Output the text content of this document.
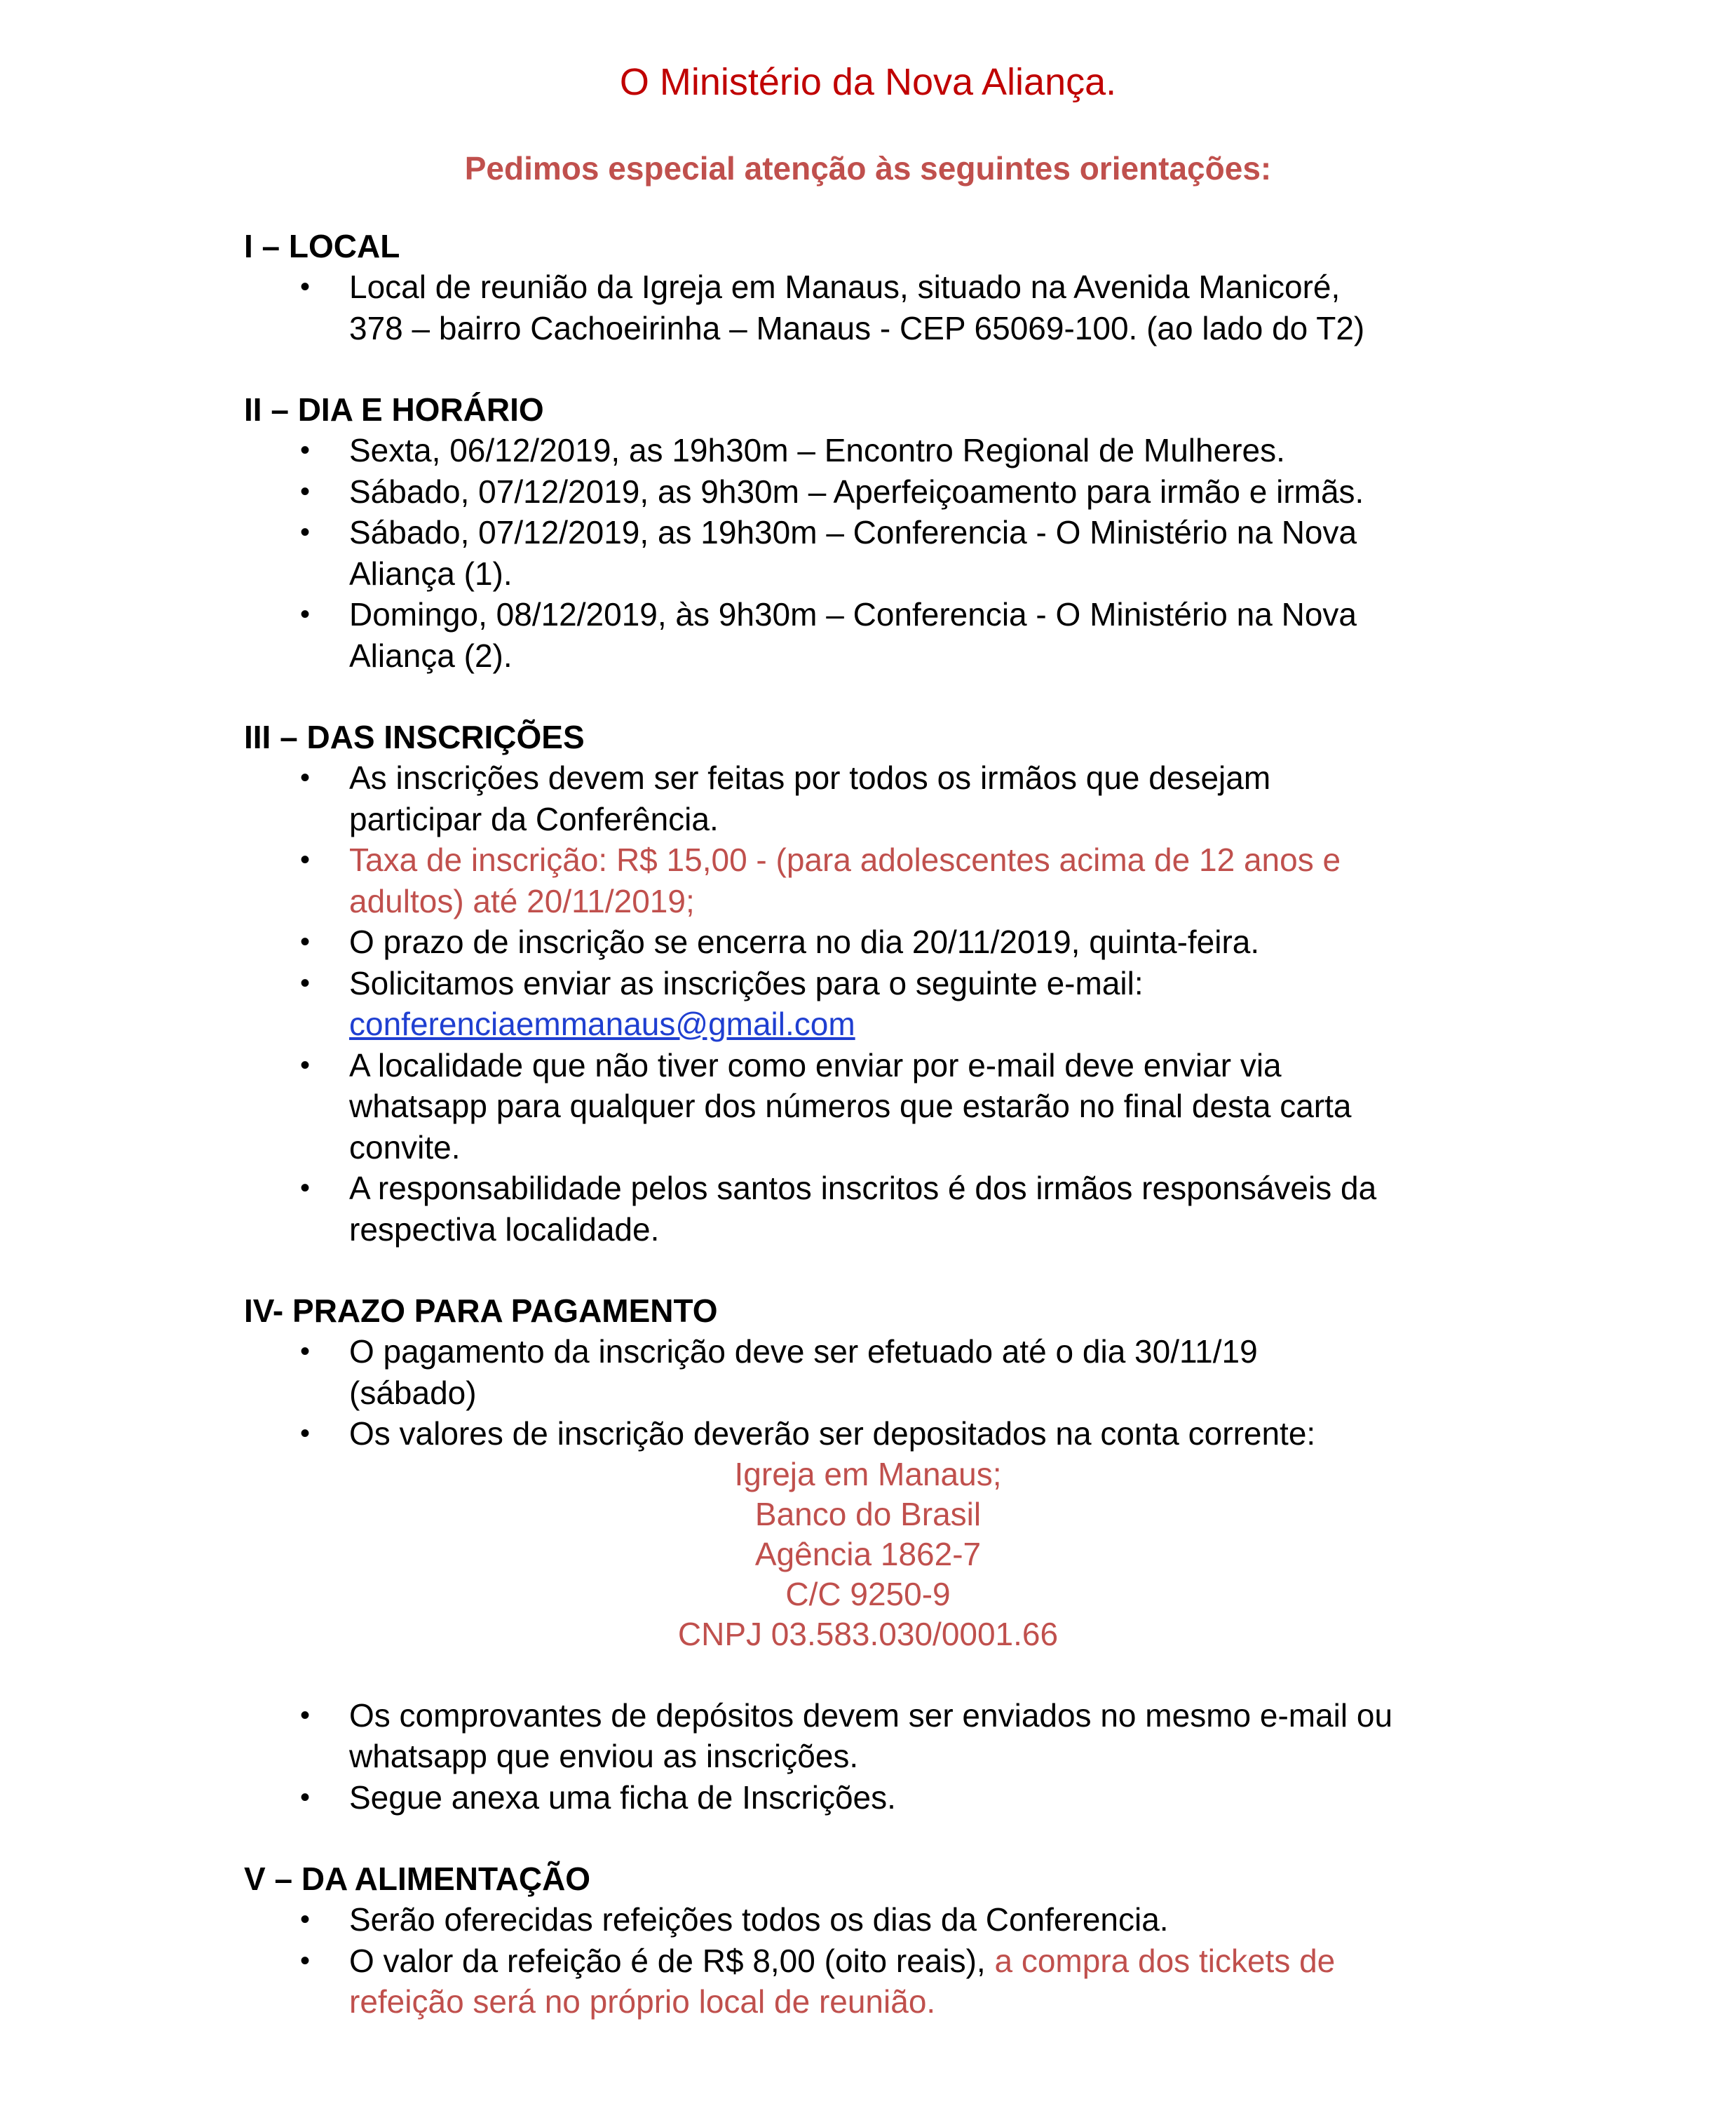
O Ministério da Nova Aliança.
Pedimos especial atenção às seguintes orientações:
I – LOCAL
• Local de reunião da Igreja em Manaus, situado na Avenida Manicoré,
378 – bairro Cachoeirinha – Manaus - CEP 65069-100. (ao lado do T2)
II – DIA E HORÁRIO
• Sexta, 06/12/2019, as 19h30m – Encontro Regional de Mulheres.
• Sábado, 07/12/2019, as 9h30m – Aperfeiçoamento para irmão e irmãs.
• Sábado, 07/12/2019, as 19h30m – Conferencia - O Ministério na Nova
Aliança (1).
• Domingo, 08/12/2019, às 9h30m – Conferencia - O Ministério na Nova
Aliança (2).
III – DAS INSCRIÇÕES
• As inscrições devem ser feitas por todos os irmãos que desejam
participar da Conferência.
• Taxa de inscrição: R$ 15,00 - (para adolescentes acima de 12 anos e
adultos) até 20/11/2019;
• O prazo de inscrição se encerra no dia 20/11/2019, quinta-feira.
• Solicitamos enviar as inscrições para o seguinte e-mail:
conferenciaemmanaus@gmail.com
• A localidade que não tiver como enviar por e-mail deve enviar via
whatsapp para qualquer dos números que estarão no final desta carta
convite.
• A responsabilidade pelos santos inscritos é dos irmãos responsáveis da
respectiva localidade.
IV- PRAZO PARA PAGAMENTO
• O pagamento da inscrição deve ser efetuado até o dia 30/11/19
(sábado)
• Os valores de inscrição deverão ser depositados na conta corrente:
Igreja em Manaus;
Banco do Brasil
Agência 1862-7
C/C 9250-9
CNPJ 03.583.030/0001.66
• Os comprovantes de depósitos devem ser enviados no mesmo e-mail ou
whatsapp que enviou as inscrições.
• Segue anexa uma ficha de Inscrições.
V – DA ALIMENTAÇÃO
• Serão oferecidas refeições todos os dias da Conferencia.
• O valor da refeição é de R$ 8,00 (oito reais), a compra dos tickets de
refeição será no próprio local de reunião.
